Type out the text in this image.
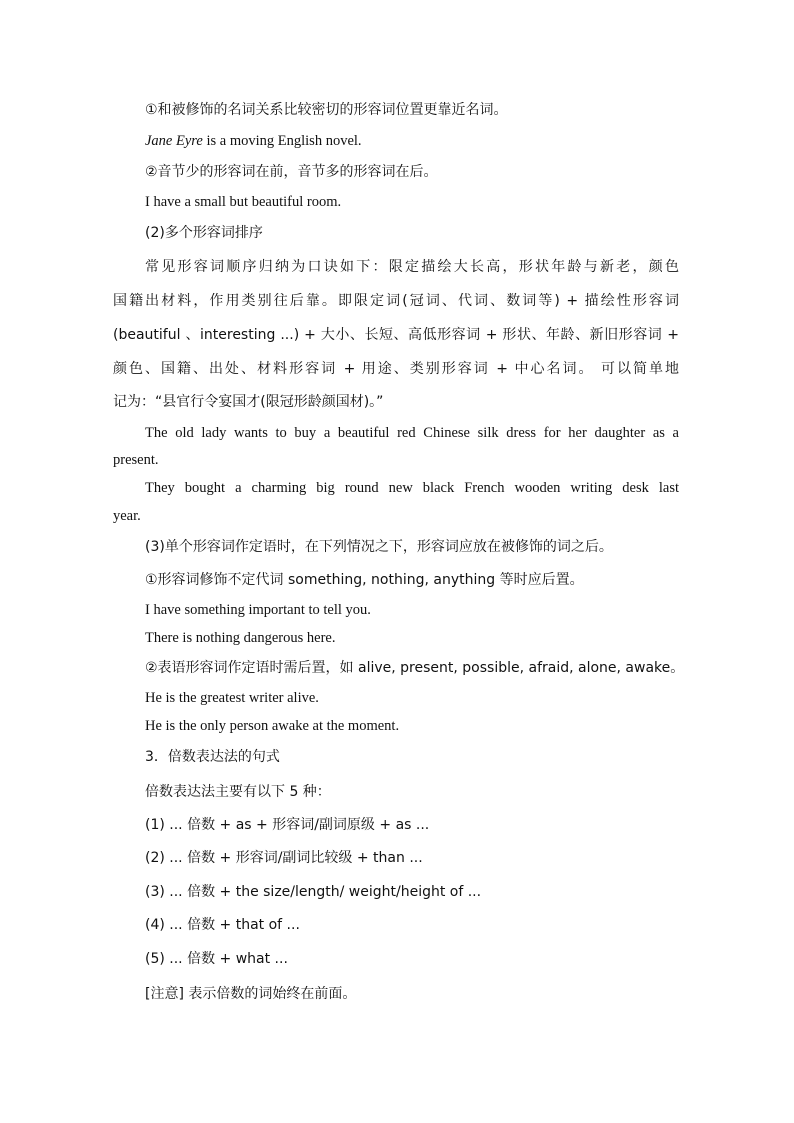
①和被修饰的名词关系比较密切的形容词位置更靠近名词。
Jane Eyre is a moving English novel.
②音节少的形容词在前，音节多的形容词在后。
I have a small but beautiful room.
(2)多个形容词排序
常见形容词顺序归纳为口诀如下：限定描绘大长高，形状年龄与新老，颜色
国籍出材料，作用类别往后靠。即限定词(冠词、代词、数词等) + 描绘性形容词
(beautiful 、interesting ...) + 大小、长短、高低形容词 + 形状、年龄、新旧形容词 +
颜色、国籍、出处、材料形容词 + 用途、类别形容词 + 中心名词。 可以简单地
记为：“县官行令宴国才(限冠形龄颜国材)。”
The old lady wants to buy a beautiful red Chinese silk dress for her daughter as a
present.
They bought a charming big round new black French wooden writing desk last
year.
(3)单个形容词作定语时，在下列情况之下，形容词应放在被修饰的词之后。
①形容词修饰不定代词 something, nothing, anything 等时应后置。
I have something important to tell you.
There is nothing dangerous here.
②表语形容词作定语时需后置，如 alive, present, possible, afraid, alone, awake。
He is the greatest writer alive.
He is the only person awake at the moment.
3．倍数表达法的句式
倍数表达法主要有以下 5 种：
(1) ... 倍数 + as + 形容词/副词原级 + as ...
(2) ... 倍数 + 形容词/副词比较级 + than ...
(3) ... 倍数 + the size/length/ weight/height of ...
(4) ... 倍数 + that of ...
(5) ... 倍数 + what ...
[注意] 表示倍数的词始终在前面。
